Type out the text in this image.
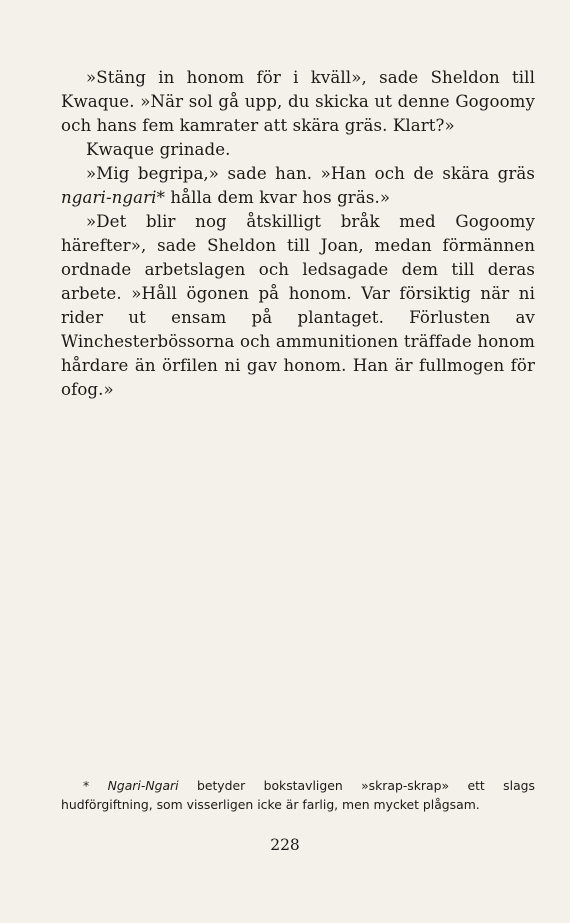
»Stäng in honom för i kväll», sade Sheldon till Kwaque. »När sol gå upp, du skicka ut denne Gogoomy och hans fem kamrater att skära gräs. Klart?»

Kwaque grinade.

»Mig begripa,» sade han. »Han och de skära gräs ngari-ngari* hålla dem kvar hos gräs.»

»Det blir nog åtskilligt bråk med Gogoomy härefter», sade Sheldon till Joan, medan förmännen ordnade arbetslagen och ledsagade dem till deras arbete. »Håll ögonen på honom. Var försiktig när ni rider ut ensam på plantaget. Förlusten av Winchesterbössorna och ammunitionen träffade honom hårdare än örfilen ni gav honom. Han är fullmogen för ofog.»

* Ngari-Ngari betyder bokstavligen »skrap-skrap» ett slags hudförgiftning, som visserligen icke är farlig, men mycket plågsam.
228
